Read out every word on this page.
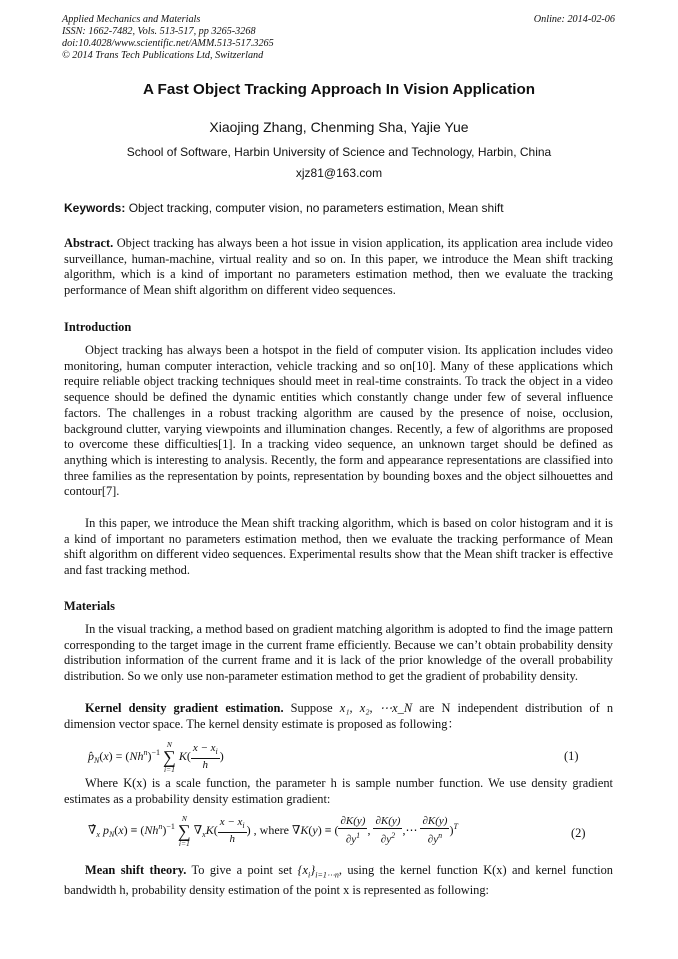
Applied Mechanics and Materials
ISSN: 1662-7482, Vols. 513-517, pp 3265-3268
doi:10.4028/www.scientific.net/AMM.513-517.3265
© 2014 Trans Tech Publications Ltd, Switzerland
Online: 2014-02-06
A Fast Object Tracking Approach In Vision Application
Xiaojing Zhang, Chenming Sha, Yajie Yue
School of Software, Harbin University of Science and Technology, Harbin, China
xjz81@163.com
Keywords: Object tracking, computer vision, no parameters estimation, Mean shift
Abstract. Object tracking has always been a hot issue in vision application, its application area include video surveillance, human-machine, virtual reality and so on. In this paper, we introduce the Mean shift tracking algorithm, which is a kind of important no parameters estimation method, then we evaluate the tracking performance of Mean shift algorithm on different video sequences.
Introduction
Object tracking has always been a hotspot in the field of computer vision. Its application includes video monitoring, human computer interaction, vehicle tracking and so on[10]. Many of these applications which require reliable object tracking techniques should meet in real-time constraints. To track the object in a video sequence should be defined the dynamic entities which constantly change under few of several influence factors. The challenges in a robust tracking algorithm are caused by the presence of noise, occlusion, background clutter, varying viewpoints and illumination changes. Recently, a few of algorithms are proposed to overcome these difficulties[1]. In a tracking video sequence, an unknown target should be defined as anything which is interesting to analysis. Recently, the form and appearance representations are classified into three families as the representation by points, representation by bounding boxes and the object silhouettes and contour[7].
In this paper, we introduce the Mean shift tracking algorithm, which is based on color histogram and it is a kind of important no parameters estimation method, then we evaluate the tracking performance of Mean shift algorithm on different video sequences. Experimental results show that the Mean shift tracker is effective and fast tracking method.
Materials
In the visual tracking, a method based on gradient matching algorithm is adopted to find the image pattern corresponding to the target image in the current frame efficiently. Because we can’t obtain probability density distribution information of the current frame and it is lack of the prior knowledge of the overall probability distribution. So we only use non-parameter estimation method to get the gradient of probability density.
Kernel density gradient estimation. Suppose x₁, x₂, ⋯x_N are N independent distribution of n dimension vector space. The kernel density estimate is proposed as following：
$p̂_N(x) = (Nh^n)^{-1}$
N
∑
i=1
$K( \frac{x - x_i}{h}$ )	(1)
Where K(x) is a scale function, the parameter h is sample number function. We use density gradient estimates as a probability density estimation gradient:
$\nablâ_x$ $p_N(x) \equiv (Nh^n)^{-1}$
N
∑
i=1
$\nabla_xK( \frac{x - x_i}{h}$ ) , where ∇K(y) ≡ ( $\frac{\partial K(y)}{\partial y^1}$ , $\frac{\partial K(y)}{\partial y^2}$ ,⋯ $\frac{\partial K(y)}{\partial y^n} )^T$	(2)
Mean shift theory. To give a point set $\{x_i\}_{i=1\cdots n}$, using the kernel function K(x) and kernel function bandwidth h, probability density estimation of the point x is represented as following:
